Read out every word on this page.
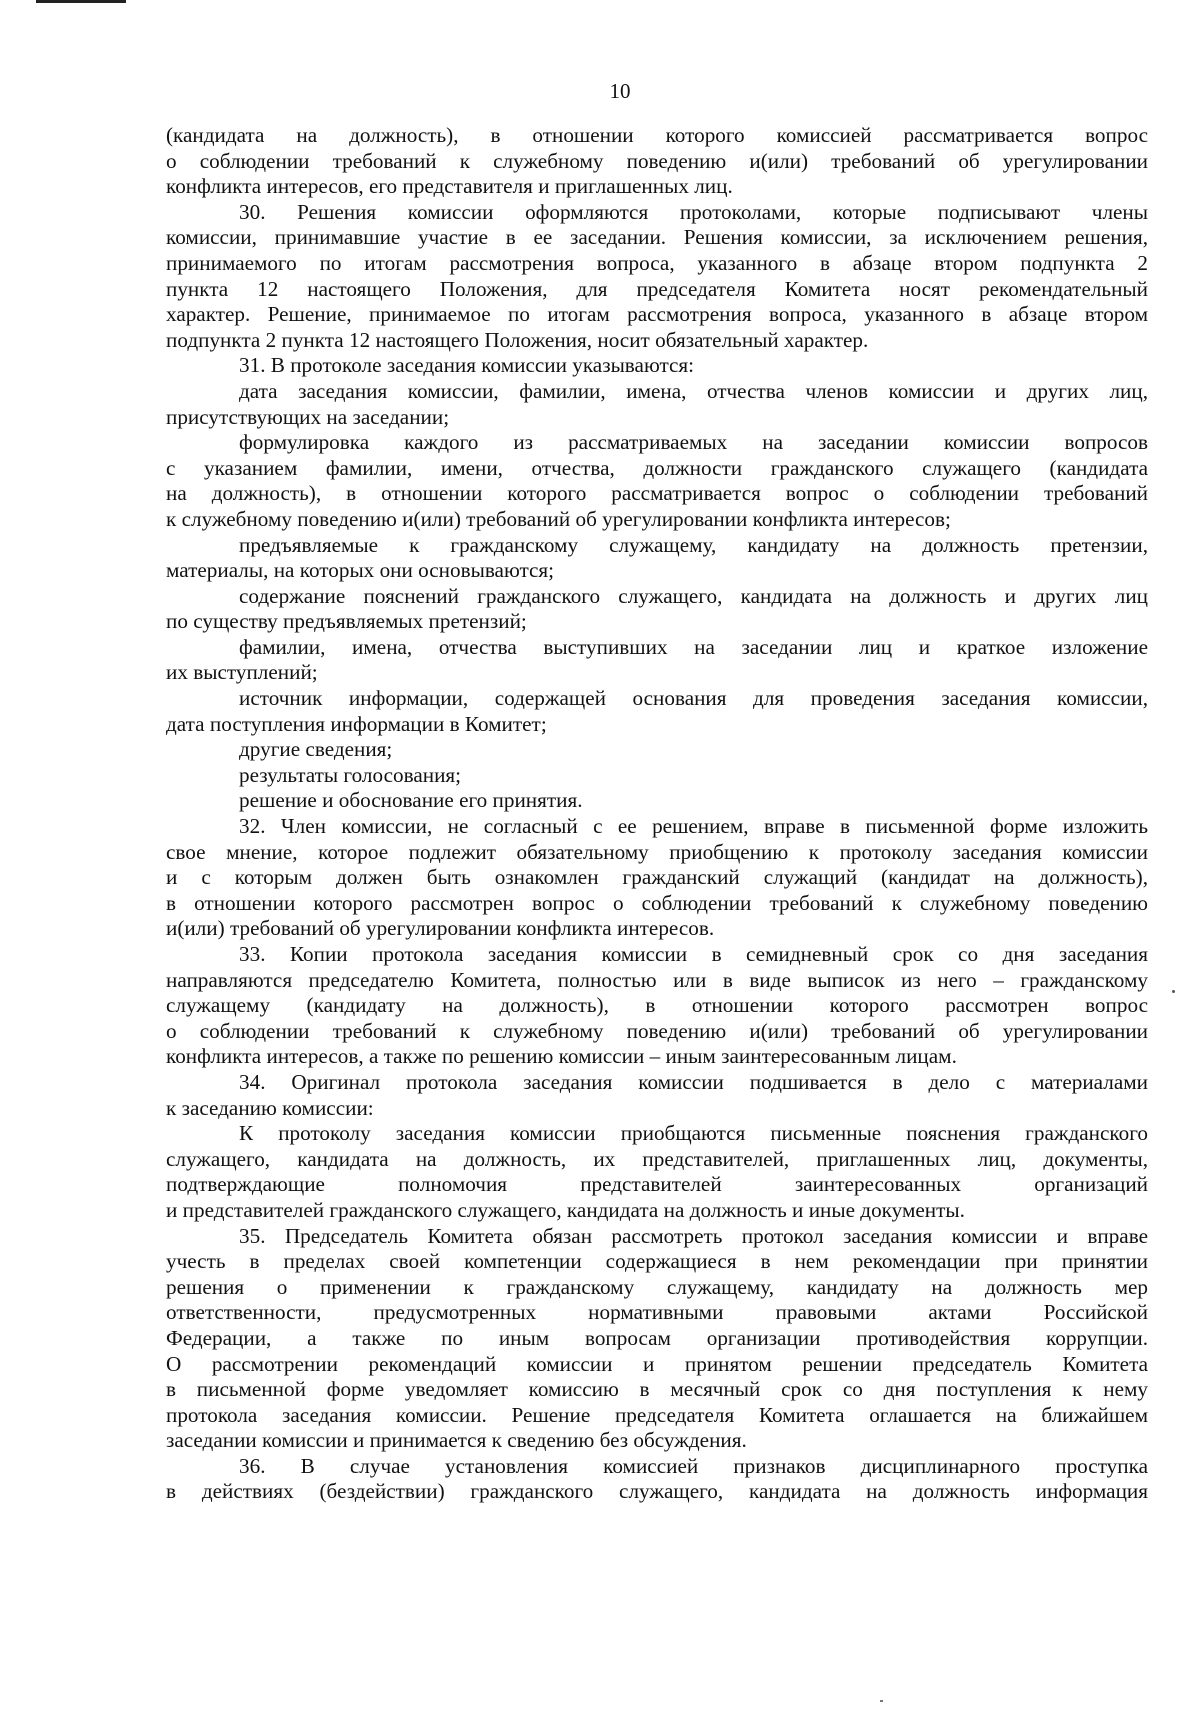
10
(кандидата на должность), в отношении которого комиссией рассматривается вопрос
о соблюдении требований к служебному поведению и(или) требований об урегулировании
конфликта интересов, его представителя и приглашенных лиц.
30. Решения комиссии оформляются протоколами, которые подписывают члены
комиссии, принимавшие участие в ее заседании. Решения комиссии, за исключением решения,
принимаемого по итогам рассмотрения вопроса, указанного в абзаце втором подпункта 2
пункта 12 настоящего Положения, для председателя Комитета носят рекомендательный
характер. Решение, принимаемое по итогам рассмотрения вопроса, указанного в абзаце втором
подпункта 2 пункта 12 настоящего Положения, носит обязательный характер.
31. В протоколе заседания комиссии указываются:
дата заседания комиссии, фамилии, имена, отчества членов комиссии и других лиц,
присутствующих на заседании;
формулировка каждого из рассматриваемых на заседании комиссии вопросов
с указанием фамилии, имени, отчества, должности гражданского служащего (кандидата
на должность), в отношении которого рассматривается вопрос о соблюдении требований
к служебному поведению и(или) требований об урегулировании конфликта интересов;
предъявляемые к гражданскому служащему, кандидату на должность претензии,
материалы, на которых они основываются;
содержание пояснений гражданского служащего, кандидата на должность и других лиц
по существу предъявляемых претензий;
фамилии, имена, отчества выступивших на заседании лиц и краткое изложение
их выступлений;
источник информации, содержащей основания для проведения заседания комиссии,
дата поступления информации в Комитет;
другие сведения;
результаты голосования;
решение и обоснование его принятия.
32. Член комиссии, не согласный с ее решением, вправе в письменной форме изложить
свое мнение, которое подлежит обязательному приобщению к протоколу заседания комиссии
и с которым должен быть ознакомлен гражданский служащий (кандидат на должность),
в отношении которого рассмотрен вопрос о соблюдении требований к служебному поведению
и(или) требований об урегулировании конфликта интересов.
33. Копии протокола заседания комиссии в семидневный срок со дня заседания
направляются председателю Комитета, полностью или в виде выписок из него – гражданскому
служащему (кандидату на должность), в отношении которого рассмотрен вопрос
о соблюдении требований к служебному поведению и(или) требований об урегулировании
конфликта интересов, а также по решению комиссии – иным заинтересованным лицам.
34. Оригинал протокола заседания комиссии подшивается в дело с материалами
к заседанию комиссии:
К протоколу заседания комиссии приобщаются письменные пояснения гражданского
служащего, кандидата на должность, их представителей, приглашенных лиц, документы,
подтверждающие полномочия представителей заинтересованных организаций
и представителей гражданского служащего, кандидата на должность и иные документы.
35. Председатель Комитета обязан рассмотреть протокол заседания комиссии и вправе
учесть в пределах своей компетенции содержащиеся в нем рекомендации при принятии
решения о применении к гражданскому служащему, кандидату на должность мер
ответственности, предусмотренных нормативными правовыми актами Российской
Федерации, а также по иным вопросам организации противодействия коррупции.
О рассмотрении рекомендаций комиссии и принятом решении председатель Комитета
в письменной форме уведомляет комиссию в месячный срок со дня поступления к нему
протокола заседания комиссии. Решение председателя Комитета оглашается на ближайшем
заседании комиссии и принимается к сведению без обсуждения.
36. В случае установления комиссией признаков дисциплинарного проступка
в действиях (бездействии) гражданского служащего, кандидата на должность информация
